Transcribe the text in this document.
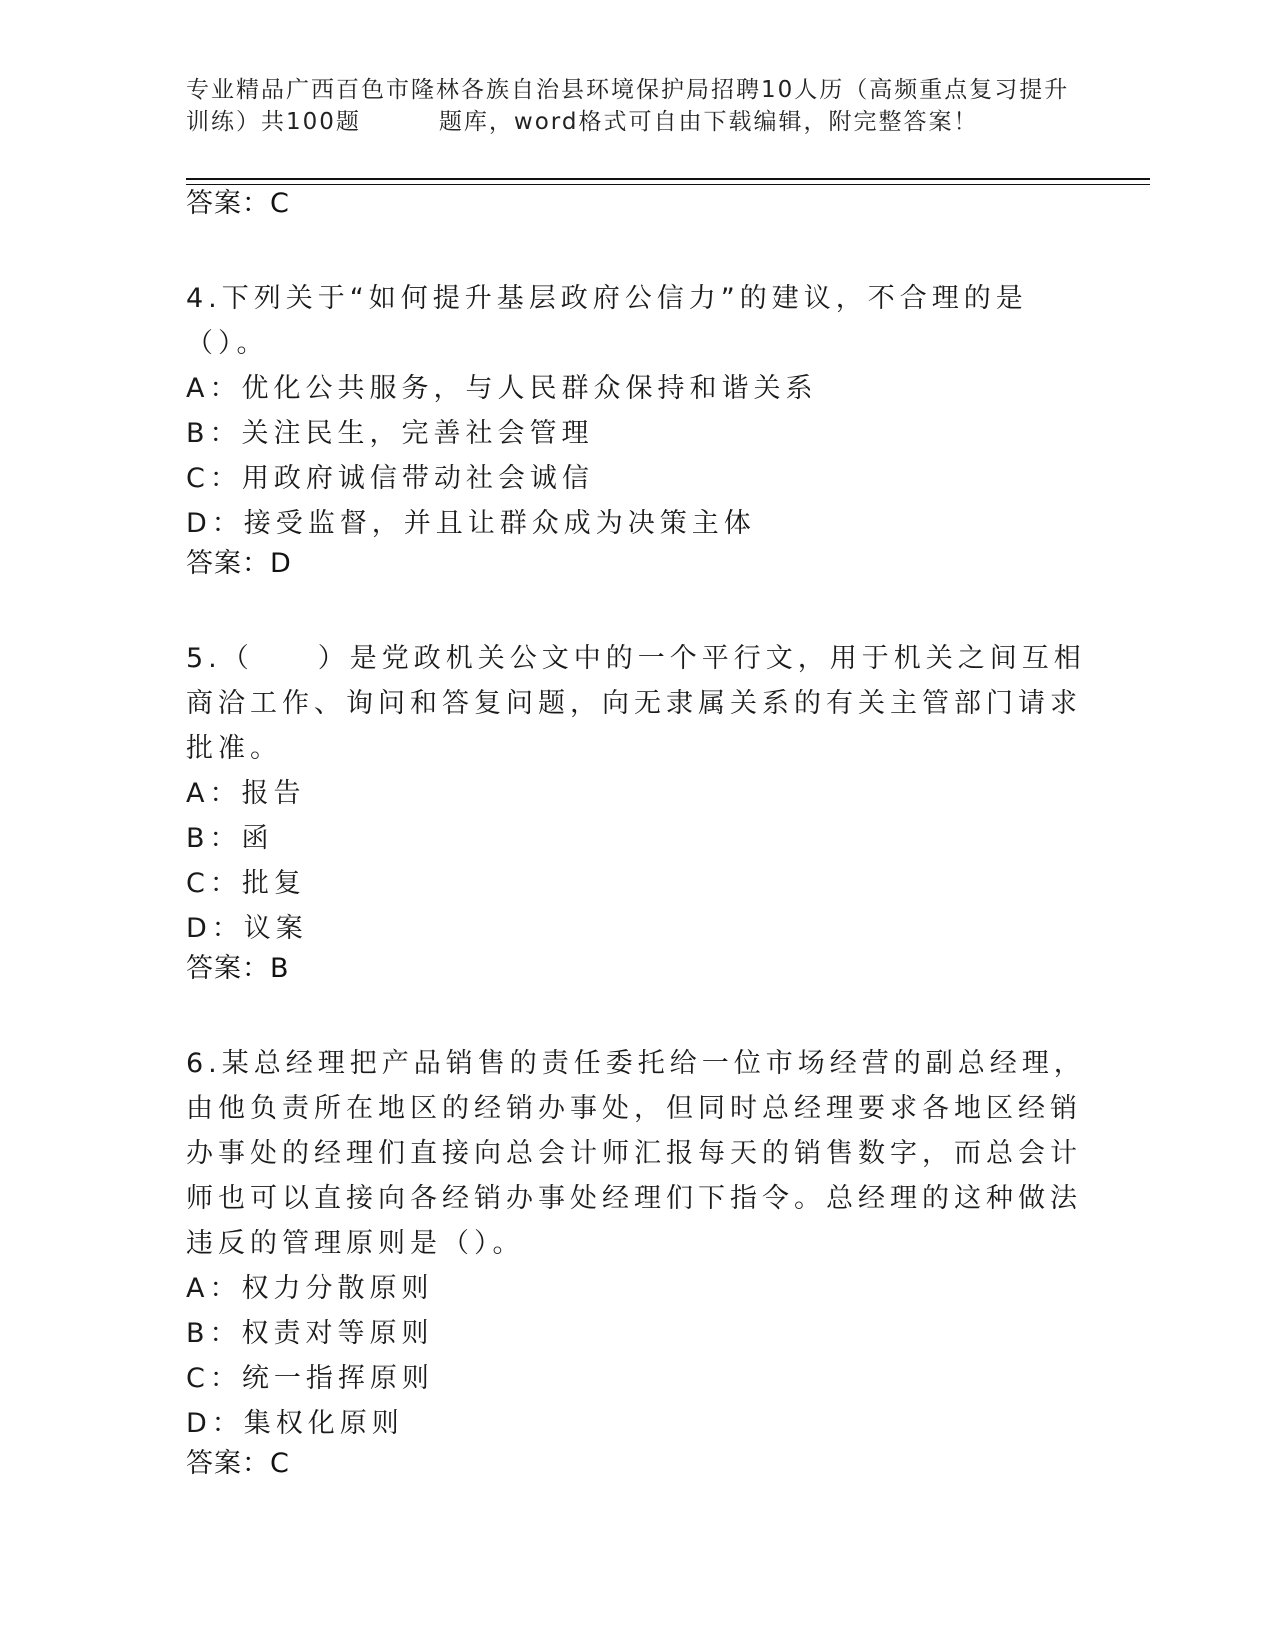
专业精品广西百色市隆林各族自治县环境保护局招聘10人历（高频重点复习提升
训练）共100题	题库，word格式可自由下载编辑，附完整答案！
答案：C
4.下列关于“如何提升基层政府公信力”的建议，不合理的是（）。
A：优化公共服务，与人民群众保持和谐关系
B：关注民生，完善社会管理
C：用政府诚信带动社会诚信
D：接受监督，并且让群众成为决策主体
答案：D
5.（　　）是党政机关公文中的一个平行文，用于机关之间互相商洽工作、询问和答复问题，向无隶属关系的有关主管部门请求批准。
A：报告
B：函
C：批复
D：议案
答案：B
6.某总经理把产品销售的责任委托给一位市场经营的副总经理，由他负责所在地区的经销办事处，但同时总经理要求各地区经销办事处的经理们直接向总会计师汇报每天的销售数字，而总会计师也可以直接向各经销办事处经理们下指令。总经理的这种做法违反的管理原则是（）。
A：权力分散原则
B：权责对等原则
C：统一指挥原则
D：集权化原则
答案：C
